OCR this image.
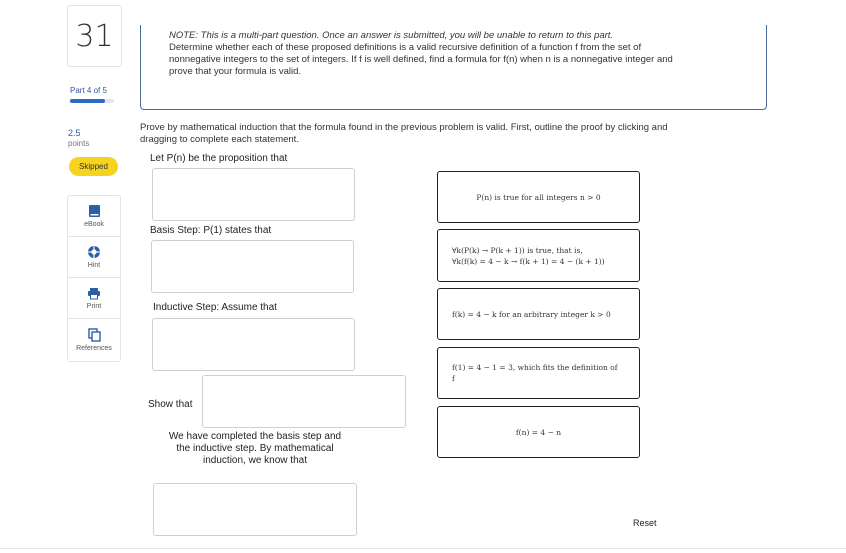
31
Part 4 of 5
2.5
points
Skipped
eBook
Hint
Print
References
NOTE: This is a multi-part question. Once an answer is submitted, you will be unable to return to this part.
Determine whether each of these proposed definitions is a valid recursive definition of a function f from the set of
nonnegative integers to the set of integers. If f is well defined, find a formula for f(n) when n is a nonnegative integer and
prove that your formula is valid.
Prove by mathematical induction that the formula found in the previous problem is valid. First, outline the proof by clicking and
dragging to complete each statement.
Let P(n) be the proposition that
Basis Step: P(1) states that
Inductive Step: Assume that
Show that
We have completed the basis step and the inductive step. By mathematical induction, we know that
P(n) is true for all integers n > 0
∀k(P(k) → P(k + 1)) is true, that is,
∀k(f(k) = 4 − k → f(k + 1) = 4 − (k + 1))
f(k) = 4 − k for an arbitrary integer k > 0
f(1) = 4 − 1 = 3, which fits the definition of
f
f(n) = 4 − n
Reset
